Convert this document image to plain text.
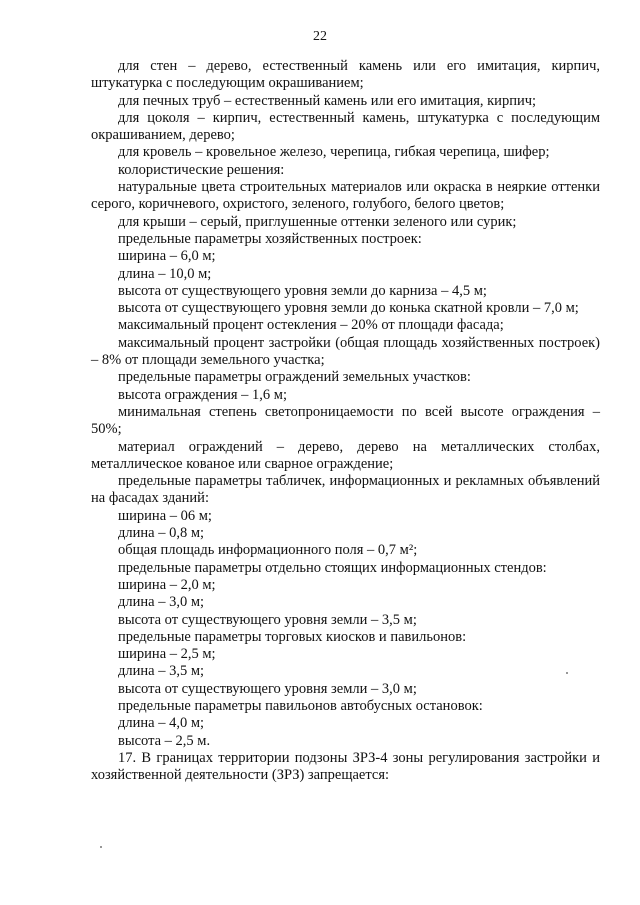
22

для стен – дерево, естественный камень или его имитация, кирпич, штукатурка с последующим окрашиванием;

для печных труб – естественный камень или его имитация, кирпич;

для цоколя – кирпич, естественный камень, штукатурка с последующим окрашиванием, дерево;

для кровель – кровельное железо, черепица, гибкая черепица, шифер;

колористические решения:

натуральные цвета строительных материалов или окраска в неяркие оттенки серого, коричневого, охристого, зеленого, голубого, белого цветов;

для крыши – серый, приглушенные оттенки зеленого или сурик;

предельные параметры хозяйственных построек:

ширина – 6,0 м;

длина – 10,0 м;

высота от существующего уровня земли до карниза – 4,5 м;

высота от существующего уровня земли до конька скатной кровли – 7,0 м;

максимальный процент остекления – 20% от площади фасада;

максимальный процент застройки (общая площадь хозяйственных построек) – 8% от площади земельного участка;

предельные параметры ограждений земельных участков:

высота ограждения – 1,6 м;

минимальная степень светопроницаемости по всей высоте ограждения – 50%;

материал ограждений – дерево, дерево на металлических столбах, металлическое кованое или сварное ограждение;

предельные параметры табличек, информационных и рекламных объявлений на фасадах зданий:

ширина – 06 м;

длина – 0,8 м;

общая площадь информационного поля – 0,7 м²;

предельные параметры отдельно стоящих информационных стендов:

ширина – 2,0 м;

длина – 3,0 м;

высота от существующего уровня земли – 3,5 м;

предельные параметры торговых киосков и павильонов:

ширина – 2,5 м;

длина – 3,5 м;

высота от существующего уровня земли – 3,0 м;

предельные параметры павильонов автобусных остановок:

длина – 4,0 м;

высота – 2,5 м.

17. В границах территории подзоны ЗРЗ-4 зоны регулирования застройки и хозяйственной деятельности (ЗРЗ) запрещается:
